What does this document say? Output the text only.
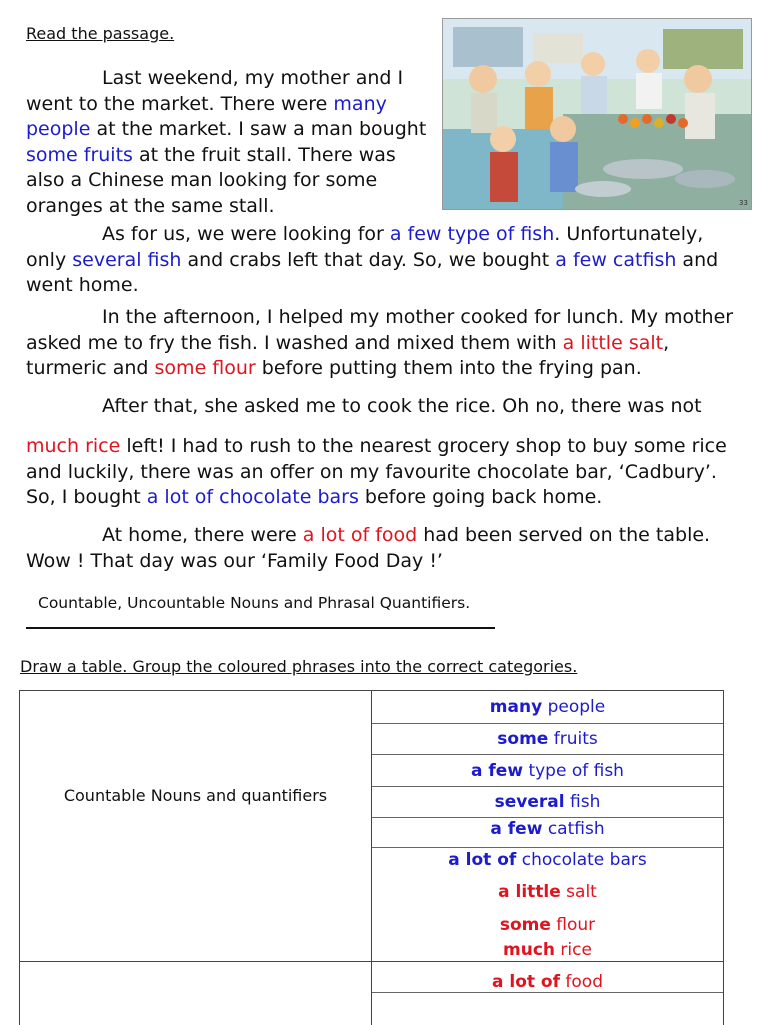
Read the passage.
33
Last weekend, my mother and I went to the market. There were many people at the market. I saw a man bought some fruits at the fruit stall. There was also a Chinese man looking for some oranges at the same stall.
As for us, we were looking for a few type of fish. Unfortunately, only several fish and crabs left that day. So, we bought a few catfish and went home.
In the afternoon, I helped my mother cooked for lunch. My mother asked me to fry the fish. I washed and mixed them with a little salt, turmeric and some flour before putting them into the frying pan.
After that, she asked me to cook the rice. Oh no, there was not
much rice left! I had to rush to the nearest grocery shop to buy some rice and luckily, there was an offer on my favourite chocolate bar, ‘Cadbury’. So, I bought a lot of chocolate bars before going back home.
At home, there were a lot of food had been served on the table. Wow ! That day was our ‘Family Food Day !’
Countable, Uncountable Nouns and Phrasal Quantifiers.
Draw a table. Group the coloured phrases into the correct categories.
Countable Nouns and quantifiers
many people
some fruits
a few type of fish
several fish
a few catfish
a lot of chocolate bars
a little salt
some flour
much rice
a lot of food
